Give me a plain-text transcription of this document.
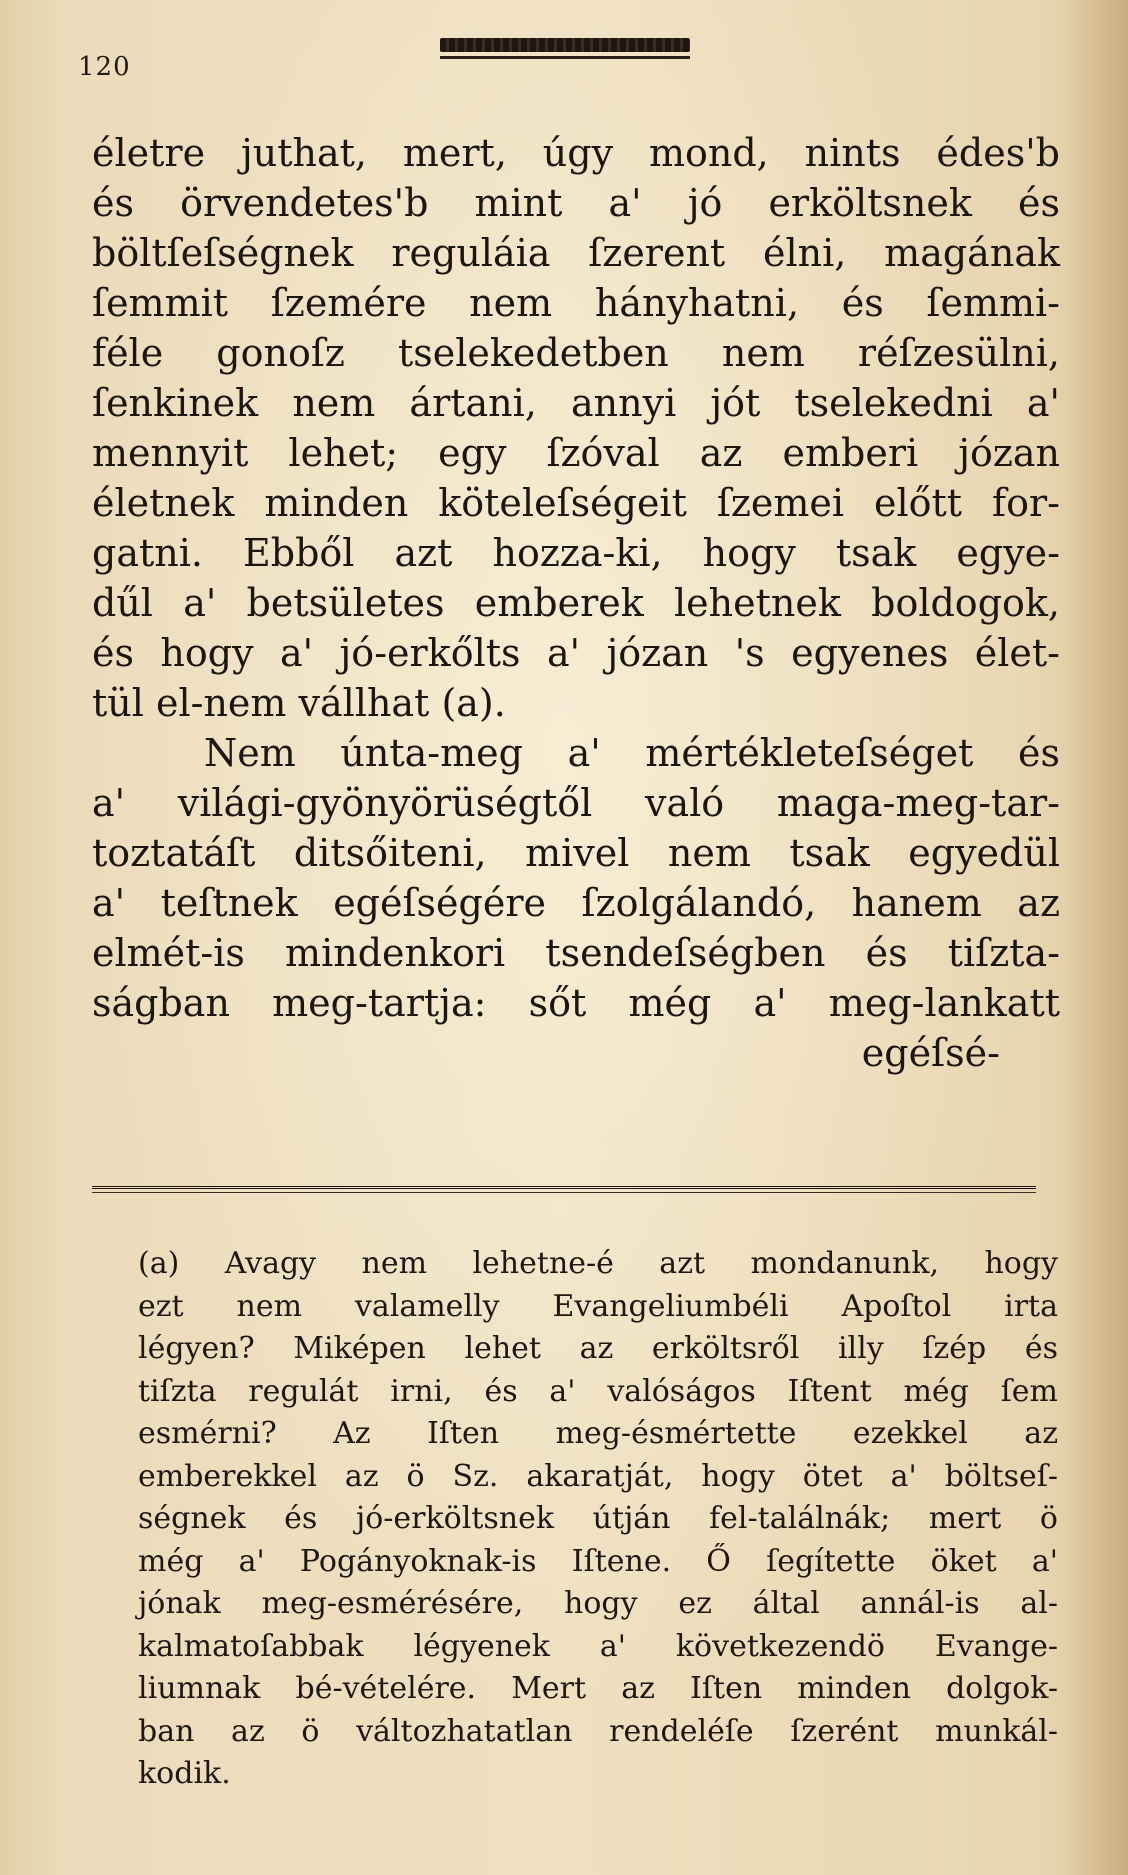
120
életre juthat, mert, úgy mond, nints édes'b
és örvendetes'b mint a' jó erköltsnek és
böltſeſségnek reguláia ſzerent élni, magának
ſemmit ſzemére nem hányhatni, és ſemmi-
féle gonoſz tselekedetben nem réſzesülni,
ſenkinek nem ártani, annyi jót tselekedni a'
mennyit lehet; egy ſzóval az emberi józan
életnek minden köteleſségeit ſzemei előtt for-
gatni. Ebből azt hozza-ki, hogy tsak egye-
dűl a' betsületes emberek lehetnek boldogok,
és hogy a' jó-erkőlts a' józan 's egyenes élet-
tül el-nem vállhat (a).
Nem únta-meg a' mértékleteſséget és
a' világi-gyönyörüségtől való maga-meg-tar-
toztatáſt ditsőiteni, mivel nem tsak egyedül
a' teſtnek egéſségére ſzolgálandó, hanem az
elmét-is mindenkori tsendeſségben és tiſzta-
ságban meg-tartja: sőt még a' meg-lankatt
egéſsé-
(a) Avagy nem lehetne-é azt mondanunk, hogy
ezt nem valamelly Evangeliumbéli Apoſtol irta
légyen? Miképen lehet az erköltsről illy ſzép és
tiſzta regulát irni, és a' valóságos Iſtent még ſem
esmérni? Az Iſten meg-ésmértette ezekkel az
emberekkel az ö Sz. akaratját, hogy ötet a' böltseſ-
ségnek és jó-erköltsnek útján fel-találnák; mert ö
még a' Pogányoknak-is Iſtene. Ő ſegítette öket a'
jónak meg-esmérésére, hogy ez által annál-is al-
kalmatoſabbak légyenek a' következendö Evange-
liumnak bé-vételére. Mert az Iſten minden dolgok-
ban az ö változhatatlan rendeléſe ſzerént munkál-
kodik.
